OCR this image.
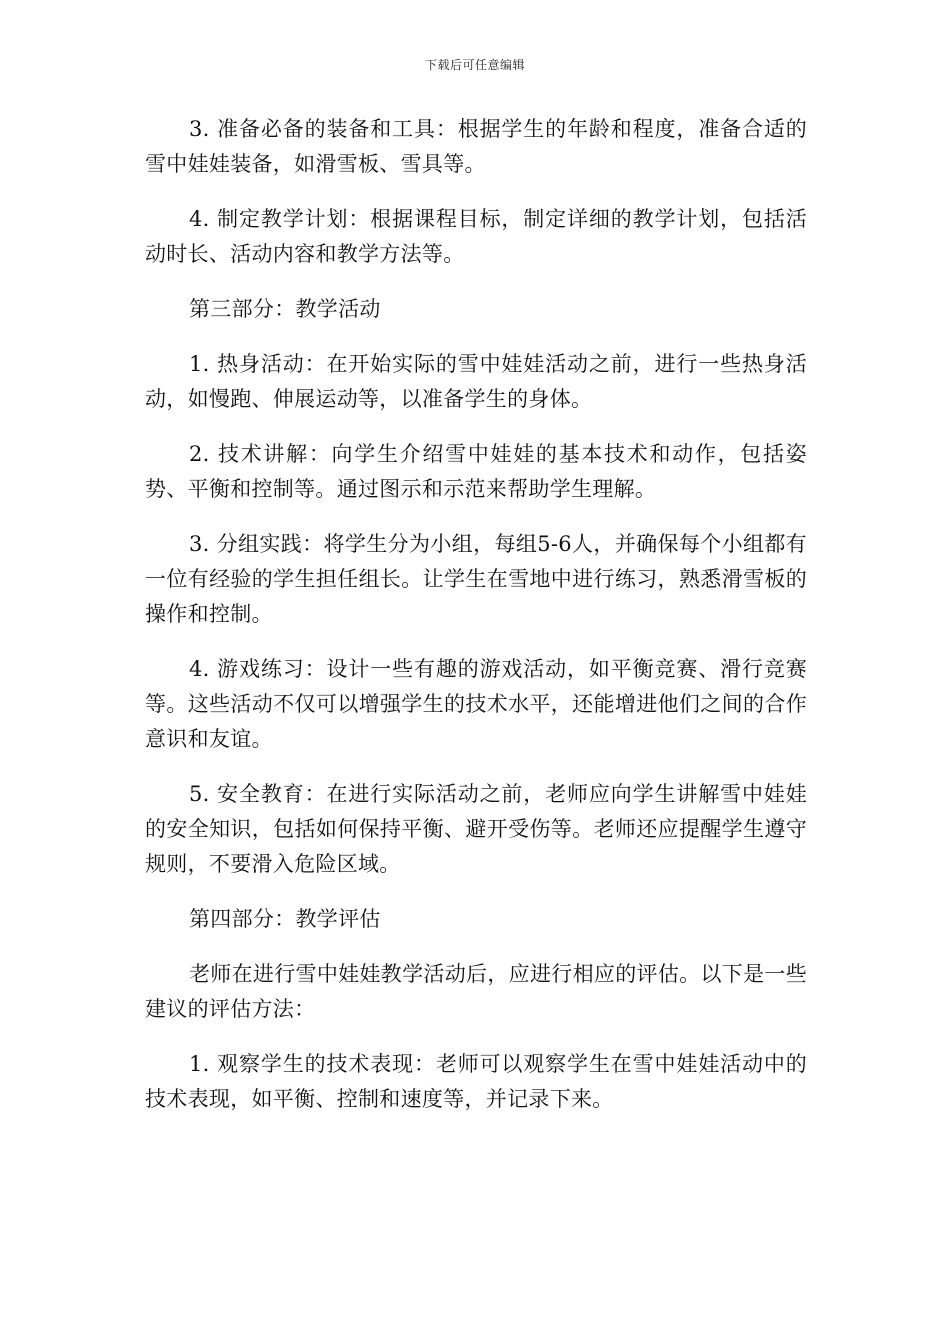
下载后可任意编辑

3. 准备必备的装备和工具：根据学生的年龄和程度，准备合适的雪中娃娃装备，如滑雪板、雪具等。

4. 制定教学计划：根据课程目标，制定详细的教学计划，包括活动时长、活动内容和教学方法等。

第三部分：教学活动

1. 热身活动：在开始实际的雪中娃娃活动之前，进行一些热身活动，如慢跑、伸展运动等，以准备学生的身体。

2. 技术讲解：向学生介绍雪中娃娃的基本技术和动作，包括姿势、平衡和控制等。通过图示和示范来帮助学生理解。

3. 分组实践：将学生分为小组，每组5-6人，并确保每个小组都有一位有经验的学生担任组长。让学生在雪地中进行练习，熟悉滑雪板的操作和控制。

4. 游戏练习：设计一些有趣的游戏活动，如平衡竞赛、滑行竞赛等。这些活动不仅可以增强学生的技术水平，还能增进他们之间的合作意识和友谊。

5. 安全教育：在进行实际活动之前，老师应向学生讲解雪中娃娃的安全知识，包括如何保持平衡、避开受伤等。老师还应提醒学生遵守规则，不要滑入危险区域。

第四部分：教学评估

老师在进行雪中娃娃教学活动后，应进行相应的评估。以下是一些建议的评估方法：

1. 观察学生的技术表现：老师可以观察学生在雪中娃娃活动中的技术表现，如平衡、控制和速度等，并记录下来。
